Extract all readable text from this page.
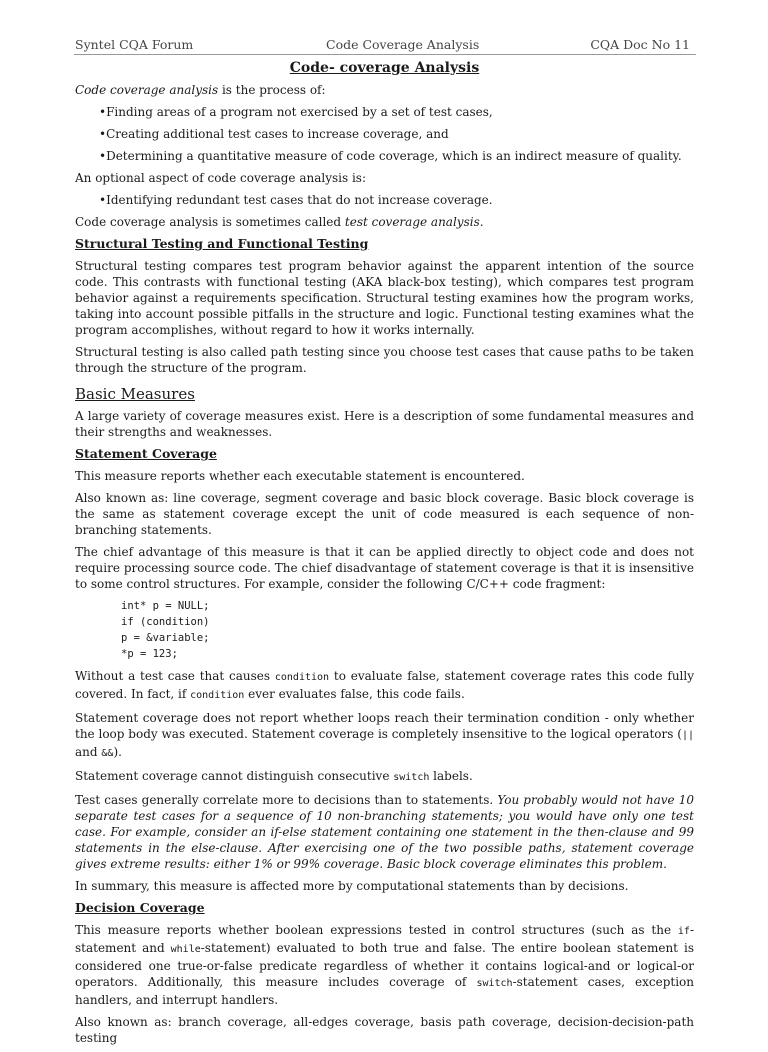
Syntel CQA Forum	Code Coverage Analysis	CQA Doc No 11
Code- coverage Analysis

Code coverage analysis is the process of:

• Finding areas of a program not exercised by a set of test cases,
• Creating additional test cases to increase coverage, and
• Determining a quantitative measure of code coverage, which is an indirect measure of quality.

An optional aspect of code coverage analysis is:

• Identifying redundant test cases that do not increase coverage.

Code coverage analysis is sometimes called test coverage analysis.

Structural Testing and Functional Testing

Structural testing compares test program behavior against the apparent intention of the source code. This contrasts with functional testing (AKA black-box testing), which compares test program behavior against a requirements specification. Structural testing examines how the program works, taking into account possible pitfalls in the structure and logic. Functional testing examines what the program accomplishes, without regard to how it works internally.

Structural testing is also called path testing since you choose test cases that cause paths to be taken through the structure of the program.

Basic Measures

A large variety of coverage measures exist. Here is a description of some fundamental measures and their strengths and weaknesses.

Statement Coverage

This measure reports whether each executable statement is encountered.

Also known as: line coverage, segment coverage and basic block coverage. Basic block coverage is the same as statement coverage except the unit of code measured is each sequence of non-branching statements.

The chief advantage of this measure is that it can be applied directly to object code and does not require processing source code. The chief disadvantage of statement coverage is that it is insensitive to some control structures. For example, consider the following C/C++ code fragment:

int* p = NULL;
if (condition)
p = &variable;
*p = 123;

Without a test case that causes condition to evaluate false, statement coverage rates this code fully covered. In fact, if condition ever evaluates false, this code fails.

Statement coverage does not report whether loops reach their termination condition - only whether the loop body was executed. Statement coverage is completely insensitive to the logical operators (|| and &&).

Statement coverage cannot distinguish consecutive switch labels.

Test cases generally correlate more to decisions than to statements. You probably would not have 10 separate test cases for a sequence of 10 non-branching statements; you would have only one test case. For example, consider an if-else statement containing one statement in the then-clause and 99 statements in the else-clause. After exercising one of the two possible paths, statement coverage gives extreme results: either 1% or 99% coverage. Basic block coverage eliminates this problem.

In summary, this measure is affected more by computational statements than by decisions.

Decision Coverage

This measure reports whether boolean expressions tested in control structures (such as the if-statement and while-statement) evaluated to both true and false. The entire boolean statement is considered one true-or-false predicate regardless of whether it contains logical-and or logical-or operators. Additionally, this measure includes coverage of switch-statement cases, exception handlers, and interrupt handlers.

Also known as: branch coverage, all-edges coverage, basis path coverage, decision-decision-path testing
